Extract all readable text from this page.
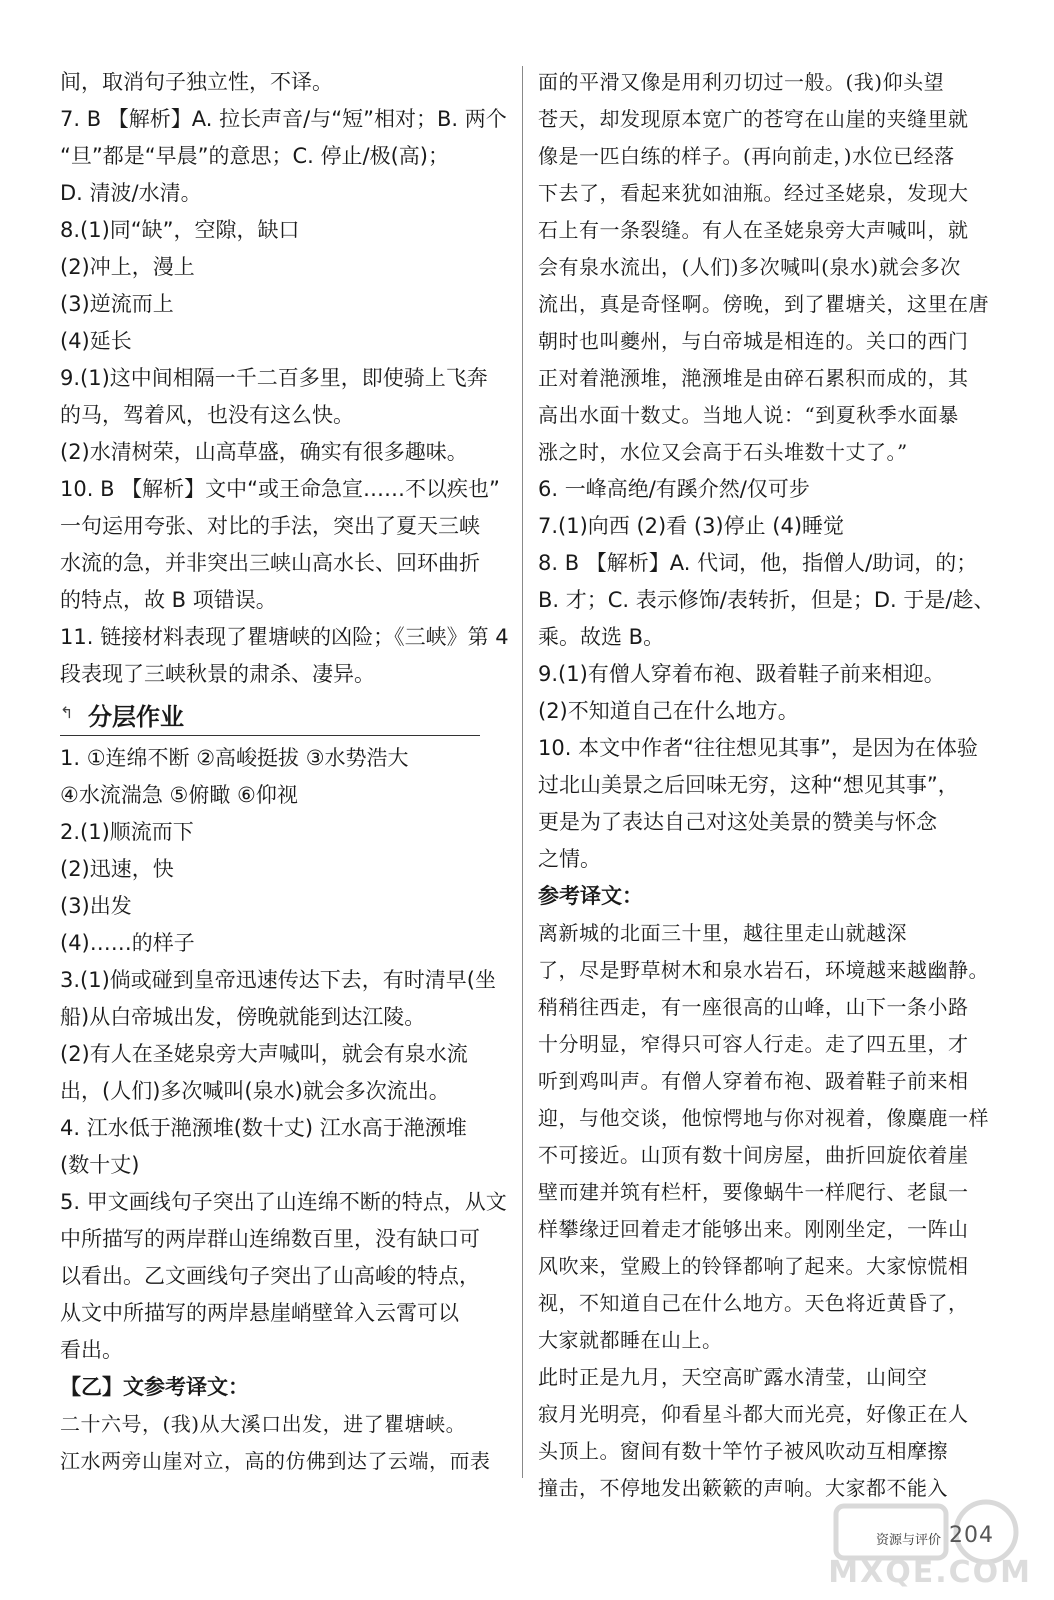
间，取消句子独立性，不译。
7. B 【解析】A. 拉长声音/与“短”相对；B. 两个
“旦”都是“早晨”的意思；C. 停止/极(高)；
D. 清波/水清。
8.(1)同“缺”，空隙，缺口
(2)冲上，漫上
(3)逆流而上
(4)延长
9.(1)这中间相隔一千二百多里，即使骑上飞奔
的马，驾着风，也没有这么快。
(2)水清树荣，山高草盛，确实有很多趣味。
10. B 【解析】文中“或王命急宣……不以疾也”
一句运用夸张、对比的手法，突出了夏天三峡
水流的急，并非突出三峡山高水长、回环曲折
的特点，故 B 项错误。
11. 链接材料表现了瞿塘峡的凶险；《三峡》第 4
段表现了三峡秋景的肃杀、凄异。
↰ 分层作业
1. ①连绵不断 ②高峻挺拔 ③水势浩大
④水流湍急 ⑤俯瞰 ⑥仰视
2.(1)顺流而下
(2)迅速，快
(3)出发
(4)……的样子
3.(1)倘或碰到皇帝迅速传达下去，有时清早(坐
船)从白帝城出发，傍晚就能到达江陵。
(2)有人在圣姥泉旁大声喊叫，就会有泉水流
出，(人们)多次喊叫(泉水)就会多次流出。
4. 江水低于滟滪堆(数十丈) 江水高于滟滪堆
(数十丈)
5. 甲文画线句子突出了山连绵不断的特点，从文
中所描写的两岸群山连绵数百里，没有缺口可
以看出。乙文画线句子突出了山高峻的特点，
从文中所描写的两岸悬崖峭壁耸入云霄可以
看出。
【乙】文参考译文：
二十六号，(我)从大溪口出发，进了瞿塘峡。
江水两旁山崖对立，高的仿佛到达了云端，而表
面的平滑又像是用利刃切过一般。(我)仰头望
苍天，却发现原本宽广的苍穹在山崖的夹缝里就
像是一匹白练的样子。(再向前走，)水位已经落
下去了，看起来犹如油瓶。经过圣姥泉，发现大
石上有一条裂缝。有人在圣姥泉旁大声喊叫，就
会有泉水流出，(人们)多次喊叫(泉水)就会多次
流出，真是奇怪啊。傍晚，到了瞿塘关，这里在唐
朝时也叫夔州，与白帝城是相连的。关口的西门
正对着滟滪堆，滟滪堆是由碎石累积而成的，其
高出水面十数丈。当地人说：“到夏秋季水面暴
涨之时，水位又会高于石头堆数十丈了。”
6. 一峰高绝/有蹊介然/仅可步
7.(1)向西 (2)看 (3)停止 (4)睡觉
8. B 【解析】A. 代词，他，指僧人/助词，的；
B. 才；C. 表示修饰/表转折，但是；D. 于是/趁、
乘。故选 B。
9.(1)有僧人穿着布袍、趿着鞋子前来相迎。
(2)不知道自己在什么地方。
10. 本文中作者“往往想见其事”，是因为在体验
过北山美景之后回味无穷，这种“想见其事”，
更是为了表达自己对这处美景的赞美与怀念
之情。
参考译文：
离新城的北面三十里，越往里走山就越深
了，尽是野草树木和泉水岩石，环境越来越幽静。
稍稍往西走，有一座很高的山峰，山下一条小路
十分明显，窄得只可容人行走。走了四五里，才
听到鸡叫声。有僧人穿着布袍、趿着鞋子前来相
迎，与他交谈，他惊愕地与你对视着，像麋鹿一样
不可接近。山顶有数十间房屋，曲折回旋依着崖
壁而建并筑有栏杆，要像蜗牛一样爬行、老鼠一
样攀缘迂回着走才能够出来。刚刚坐定，一阵山
风吹来，堂殿上的铃铎都响了起来。大家惊慌相
视，不知道自己在什么地方。天色将近黄昏了，
大家就都睡在山上。
此时正是九月，天空高旷露水清莹，山间空
寂月光明亮，仰看星斗都大而光亮，好像正在人
头顶上。窗间有数十竿竹子被风吹动互相摩擦
撞击，不停地发出簌簌的声响。大家都不能入
资源与评价 204
MXQE.COM
